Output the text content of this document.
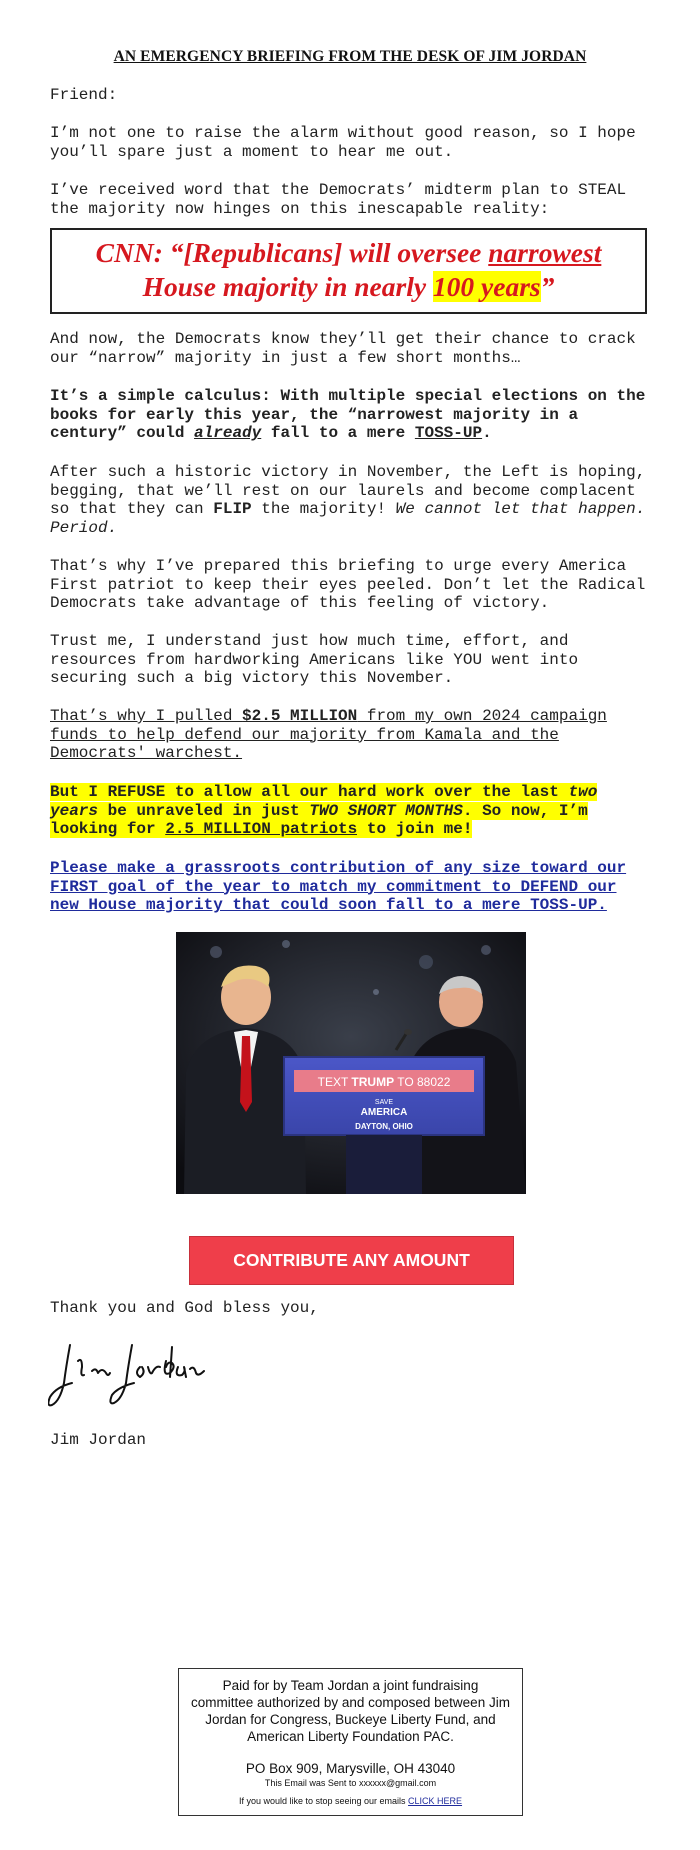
AN EMERGENCY BRIEFING FROM THE DESK OF JIM JORDAN

Friend:

I’m not one to raise the alarm without good reason, so I hope you’ll spare just a moment to hear me out.

I’ve received word that the Democrats’ midterm plan to STEAL the majority now hinges on this inescapable reality:

CNN: “[Republicans] will oversee narrowest
House majority in nearly 100 years”

And now, the Democrats know they’ll get their chance to crack our “narrow” majority in just a few short months…

It’s a simple calculus: With multiple special elections on the books for early this year, the “narrowest majority in a century” could already fall to a mere TOSS-UP.

After such a historic victory in November, the Left is hoping, begging, that we’ll rest on our laurels and become complacent so that they can FLIP the majority! We cannot let that happen. Period.

That’s why I’ve prepared this briefing to urge every America First patriot to keep their eyes peeled. Don’t let the Radical Democrats take advantage of this feeling of victory.

Trust me, I understand just how much time, effort, and resources from hardworking Americans like YOU went into securing such a big victory this November.

That’s why I pulled $2.5 MILLION from my own 2024 campaign funds to help defend our majority from Kamala and the Democrats' warchest.

But I REFUSE to allow all our hard work over the last two years be unraveled in just TWO SHORT MONTHS. So now, I’m looking for 2.5 MILLION patriots to join me!

Please make a grassroots contribution of any size toward our FIRST goal of the year to match my commitment to DEFEND our new House majority that could soon fall to a mere TOSS-UP.

TEXT TRUMP TO 88022
SAVE
AMERICA
DAYTON, OHIO
CONTRIBUTE ANY AMOUNT

Thank you and God bless you,

Jim Jordan

Paid for by Team Jordan a joint fundraising committee authorized by and composed between Jim Jordan for Congress, Buckeye Liberty Fund, and American Liberty Foundation PAC.
PO Box 909, Marysville, OH 43040
This Email was Sent to xxxxxx@gmail.com
If you would like to stop seeing our emails CLICK HERE
